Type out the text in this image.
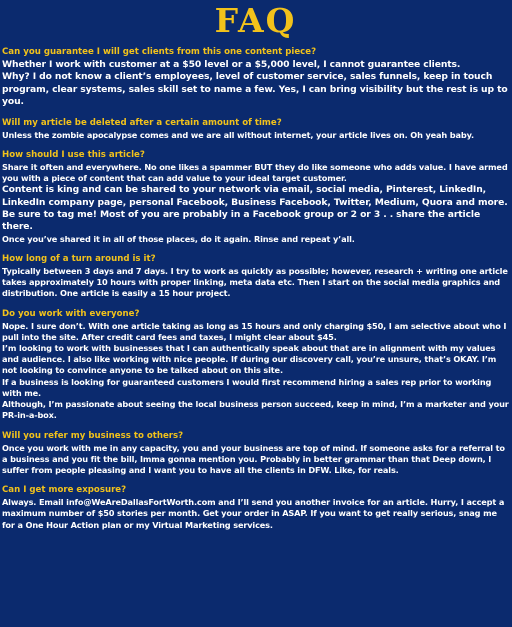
FAQ
Can you guarantee I will get clients from this one content piece?

Whether I work with customer at a $50 level or a $5,000 level, I cannot guarantee clients.

Why? I do not know a client’s employees, level of customer service, sales funnels, keep in touch program, clear systems, sales skill set to name a few. Yes, I can bring visibility but the rest is up to you.

Will my article be deleted after a certain amount of time?

Unless the zombie apocalypse comes and we are all without internet, your article lives on. Oh yeah baby.

How should I use this article?

Share it often and everywhere. No one likes a spammer BUT they do like someone who adds value. I have armed you with a piece of content that can add value to your ideal target customer.

Content is king and can be shared to your network via email, social media, Pinterest, LinkedIn, LinkedIn company page, personal Facebook, Business Facebook, Twitter, Medium, Quora and more. Be sure to tag me! Most of you are probably in a Facebook group or 2 or 3 . . share the article there.

Once you’ve shared it in all of those places, do it again. Rinse and repeat y’all.

How long of a turn around is it?

Typically between 3 days and 7 days. I try to work as quickly as possible; however, research + writing one article takes approximately 10 hours with proper linking, meta data etc. Then I start on the social media graphics and distribution. One article is easily a 15 hour project.

Do you work with everyone?

Nope. I sure don’t. With one article taking as long as 15 hours and only charging $50, I am selective about who I pull into the site. After credit card fees and taxes, I might clear about $45.

I’m looking to work with businesses that I can authentically speak about that are in alignment with my values and audience. I also like working with nice people. If during our discovery call, you’re unsure, that’s OKAY. I’m not looking to convince anyone to be talked about on this site.

If a business is looking for guaranteed customers I would first recommend hiring a sales rep prior to working with me.

Although, I’m passionate about seeing the local business person succeed, keep in mind, I’m a marketer and your PR-in-a-box.

Will you refer my business to others?

Once you work with me in any capacity, you and your business are top of mind. If someone asks for a referral to a business and you fit the bill, Imma gonna mention you. Probably in better grammar than that Deep down, I suffer from people pleasing and I want you to have all the clients in DFW. Like, for reals.

Can I get more exposure?

Always. Email info@WeAreDallasFortWorth.com and I’ll send you another invoice for an article. Hurry, I accept a maximum number of $50 stories per month. Get your order in ASAP. If you want to get really serious, snag me for a One Hour Action plan or my Virtual Marketing services.
